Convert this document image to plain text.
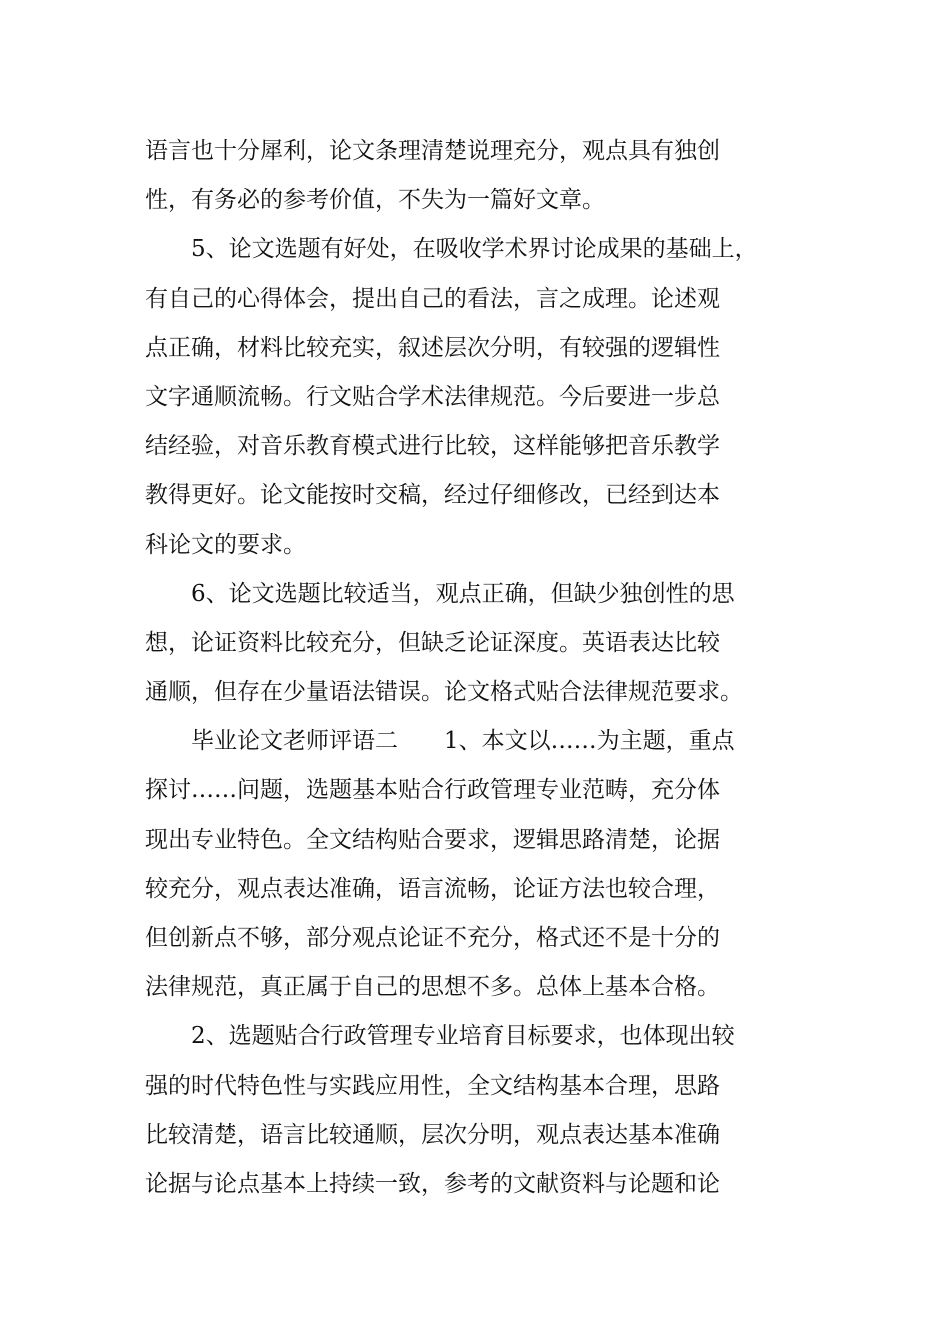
语言也十分犀利，论文条理清楚说理充分，观点具有独创
性，有务必的参考价值，不失为一篇好文章。
　　5、论文选题有好处，在吸收学术界讨论成果的基础上，
有自己的心得体会，提出自己的看法，言之成理。论述观
点正确，材料比较充实，叙述层次分明，有较强的逻辑性
文字通顺流畅。行文贴合学术法律规范。今后要进一步总
结经验，对音乐教育模式进行比较，这样能够把音乐教学
教得更好。论文能按时交稿，经过仔细修改，已经到达本
科论文的要求。
　　6、论文选题比较适当，观点正确，但缺少独创性的思
想，论证资料比较充分，但缺乏论证深度。英语表达比较
通顺，但存在少量语法错误。论文格式贴合法律规范要求。
　　毕业论文老师评语二　　1、本文以……为主题，重点
探讨……问题，选题基本贴合行政管理专业范畴，充分体
现出专业特色。全文结构贴合要求，逻辑思路清楚，论据
较充分，观点表达准确，语言流畅，论证方法也较合理，
但创新点不够，部分观点论证不充分，格式还不是十分的
法律规范，真正属于自己的思想不多。总体上基本合格。
　　2、选题贴合行政管理专业培育目标要求，也体现出较
强的时代特色性与实践应用性，全文结构基本合理，思路
比较清楚，语言比较通顺，层次分明，观点表达基本准确
论据与论点基本上持续一致，参考的文献资料与论题和论
